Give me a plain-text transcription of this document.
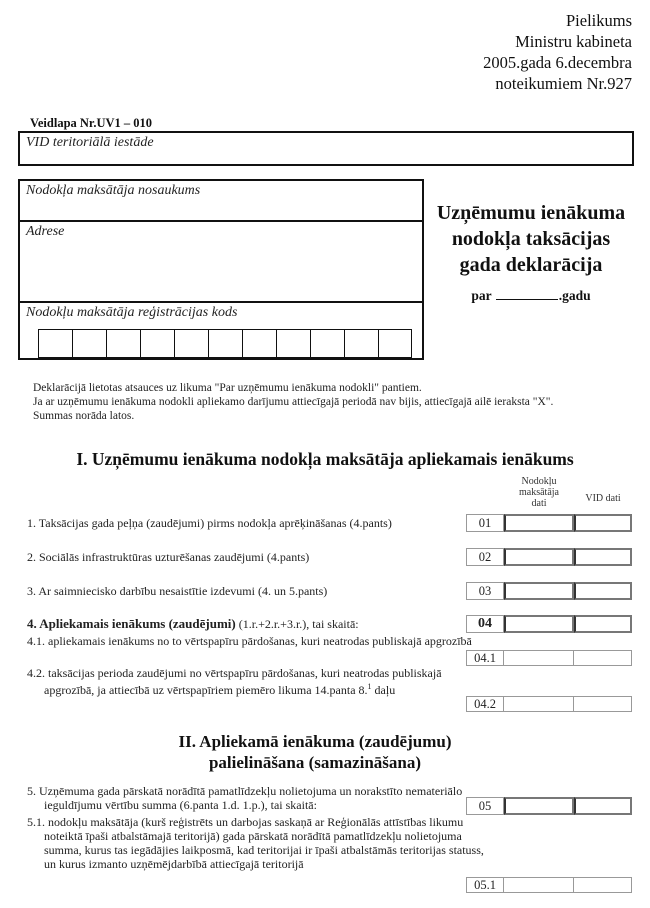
Pielikums
Ministru kabineta
2005.gada 6.decembra
noteikumiem Nr.927
Veidlapa Nr.UV1 – 010
VID teritoriālā iestāde
Nodokļa maksātāja nosaukums
Adrese
Nodokļu maksātāja reģistrācijas kods
Uzņēmumu ienākuma
nodokļa taksācijas
gada deklarācija
par	.gadu
Deklarācijā lietotas atsauces uz likuma "Par uzņēmumu ienākuma nodokli" pantiem.
Ja ar uzņēmumu ienākuma nodokli apliekamo darījumu attiecīgajā periodā nav bijis, attiecīgajā ailē ieraksta "X".
Summas norāda latos.
I. Uzņēmumu ienākuma nodokļa maksātāja apliekamais ienākums
Nodokļu
maksātāja
dati	VID dati
1. Taksācijas gada peļņa (zaudējumi) pirms nodokļa aprēķināšanas (4.pants)	01
2. Sociālās infrastruktūras uzturēšanas zaudējumi (4.pants)	02
3. Ar saimniecisko darbību nesaistītie izdevumi (4. un 5.pants)	03
4. Apliekamais ienākums (zaudējumi) (1.r.+2.r.+3.r.), tai skaitā:	04
4.1. apliekamais ienākums no to vērtspapīru pārdošanas, kuri neatrodas publiskajā apgrozībā
04.1
4.2. taksācijas perioda zaudējumi no vērtspapīru pārdošanas, kuri neatrodas publiskajā apgrozībā, ja attiecībā uz vērtspapīriem piemēro likuma 14.panta 8.$^1$ daļu
04.2
II. Apliekamā ienākuma (zaudējumu)
palielināšana (samazināšana)
5. Uzņēmuma gada pārskatā norādītā pamatlīdzekļu nolietojuma un norakstīto nemateriālo ieguldījumu vērtību summa (6.panta 1.d. 1.p.), tai skaitā:	05
5.1. nodokļu maksātāja (kurš reģistrēts un darbojas saskaņā ar Reģionālās attīstības likumu noteiktā īpaši atbalstāmajā teritorijā) gada pārskatā norādītā pamatlīdzekļu nolietojuma summa, kurus tas iegādājies laikposmā, kad teritorijai ir īpaši atbalstāmās teritorijas statuss, un kurus izmanto uzņēmējdarbībā attiecīgajā teritorijā
05.1
